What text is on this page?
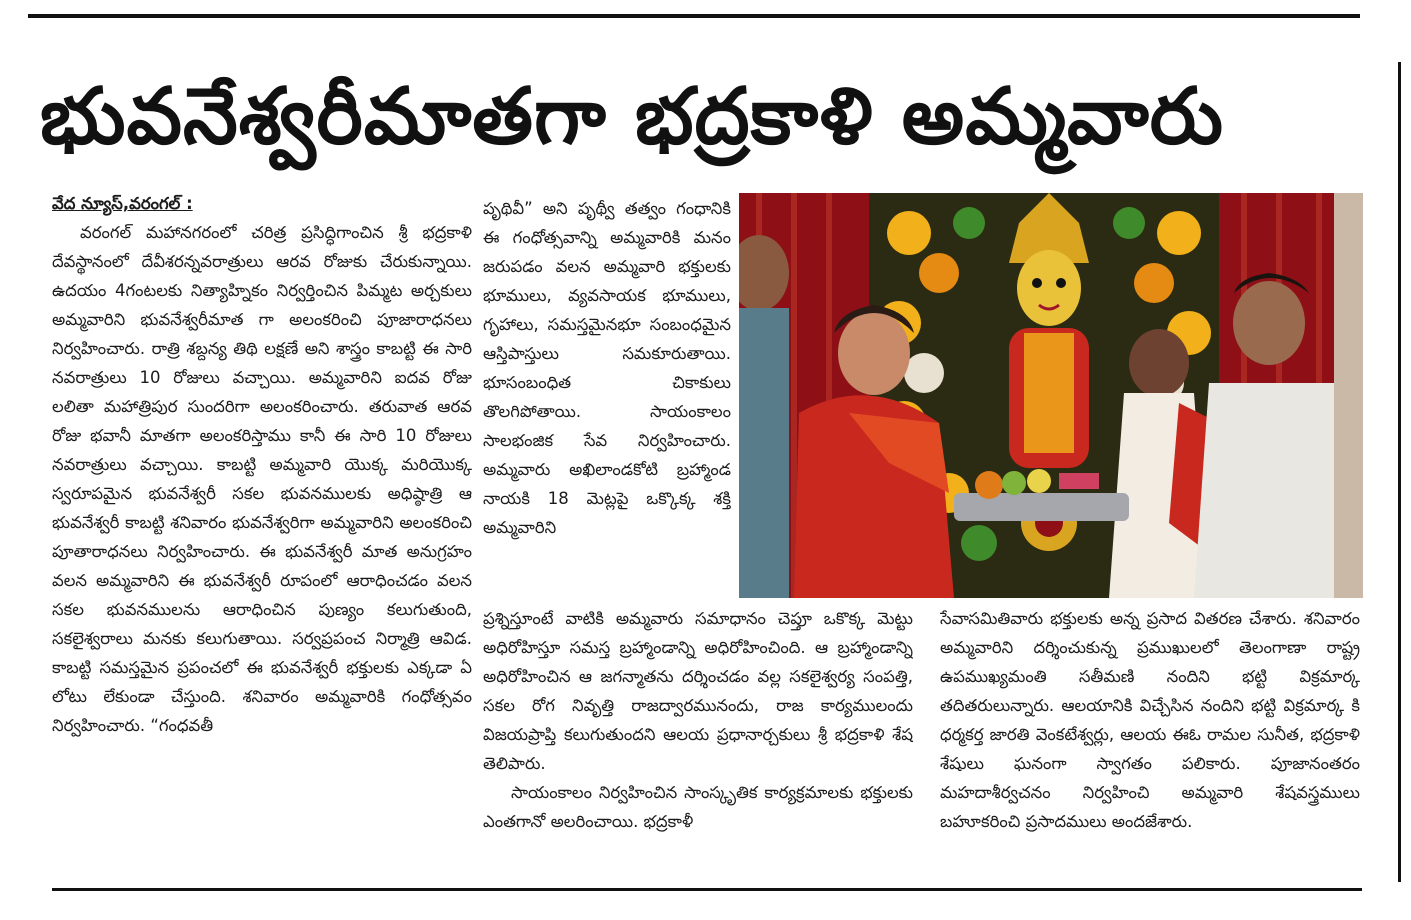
భువనేశ్వరీమాతగా భద్రకాళి అమ్మవారు
వేద న్యూస్,వరంగల్ :

వరంగల్ మహానగరంలో చరిత్ర ప్రసిద్ధిగాంచిన శ్రీ భద్రకాళి దేవస్థానంలో దేవీశరన్నవరాత్రులు ఆరవ రోజుకు చేరుకున్నాయి. ఉదయం 4గంటలకు నిత్యాహ్నికం నిర్వర్తించిన పిమ్మట అర్చకులు అమ్మవారిని భువనేశ్వరీమాత గా అలంకరించి పూజారాధనలు నిర్వహించారు. రాత్రి శబ్దన్య తిథి లక్షణే అని శాస్త్రం కాబట్టి ఈ సారి నవరాత్రులు 10 రోజులు వచ్చాయి. అమ్మవారిని ఐదవ రోజు లలితా మహాత్రిపుర సుందరిగా అలంకరించారు. తరువాత ఆరవ రోజు భవానీ మాతగా అలంకరిస్తాము కానీ ఈ సారి 10 రోజులు నవరాత్రులు వచ్చాయి. కాబట్టి అమ్మవారి యొక్క మరియొక్క స్వరూపమైన భువనేశ్వరీ సకల భువనములకు అధిష్ఠాత్రి ఆ భువనేశ్వరీ కాబట్టి శనివారం భువనేశ్వరిగా అమ్మవారిని అలంకరించి పూతారాధనలు నిర్వహించారు. ఈ భువనేశ్వరీ మాత అనుగ్రహం వలన అమ్మవారిని ఈ భువనేశ్వరీ రూపంలో ఆరాధించడం వలన సకల భువనములను ఆరాధించిన పుణ్యం కలుగుతుంది, సకలైశ్వరాలు మనకు కలుగుతాయి. సర్వప్రపంచ నిర్మాత్రి ఆవిడ. కాబట్టి సమస్తమైన ప్రపంచలో ఈ భువనేశ్వరీ భక్తులకు ఎక్కడా ఏ లోటు లేకుండా చేస్తుంది. శనివారం అమ్మవారికి గంధోత్సవం నిర్వహించారు. “గంధవతీ

పృథివీ” అని పృథ్వీ తత్వం గంధానికి ఈ గంధోత్సవాన్ని అమ్మవారికి మనం జరుపడం వలన అమ్మవారి భక్తులకు భూములు, వ్యవసాయక భూములు, గృహాలు, సమస్తమైనభూ సంబంధమైన ఆస్తిపాస్తులు సమకూరుతాయి. భూసంబంధిత చికాకులు తొలగిపోతాయి. సాయంకాలం సాలభంజిక సేవ నిర్వహించారు. అమ్మవారు అఖిలాండకోటి బ్రహ్మాండ నాయకి 18 మెట్లపై ఒక్కొక్క శక్తి అమ్మవారిని

ప్రశ్నిస్తూంటే వాటికి అమ్మవారు సమాధానం చెప్తూ ఒకొక్క మెట్టు అధిరోహిస్తూ సమస్త బ్రహ్మాండాన్ని అధిరోహించింది. ఆ బ్రహ్మాండాన్ని అధిరోహించిన ఆ జగన్మాతను దర్శించడం వల్ల సకలైశ్వర్య సంపత్తి, సకల రోగ నివృత్తి రాజద్వారమునందు, రాజ కార్యములందు విజయప్రాప్తి కలుగుతుందని ఆలయ ప్రధానార్చకులు శ్రీ భద్రకాళి శేష తెలిపారు.

సాయంకాలం నిర్వహించిన సాంస్కృతిక కార్యక్రమాలకు భక్తులకు ఎంతగానో అలరించాయి. భద్రకాళీ

సేవాసమితివారు భక్తులకు అన్న ప్రసాద వితరణ చేశారు. శనివారం అమ్మవారిని దర్శించుకున్న ప్రముఖులలో తెలంగాణా రాష్ట్ర ఉపముఖ్యమంతి సతీమణి నందిని భట్టి విక్రమార్క తదితరులున్నారు. ఆలయానికి విచ్చేసిన నందిని భట్టి విక్రమార్క కి ధర్మకర్త జారతి వెంకటేశ్వర్లు, ఆలయ ఈఓ రామల సునీత, భద్రకాళి శేషులు ఘనంగా స్వాగతం పలికారు. పూజానంతరం మహదాశీర్వచనం నిర్వహించి అమ్మవారి శేషవస్త్రములు బహూకరించి ప్రసాదములు అందజేశారు.
